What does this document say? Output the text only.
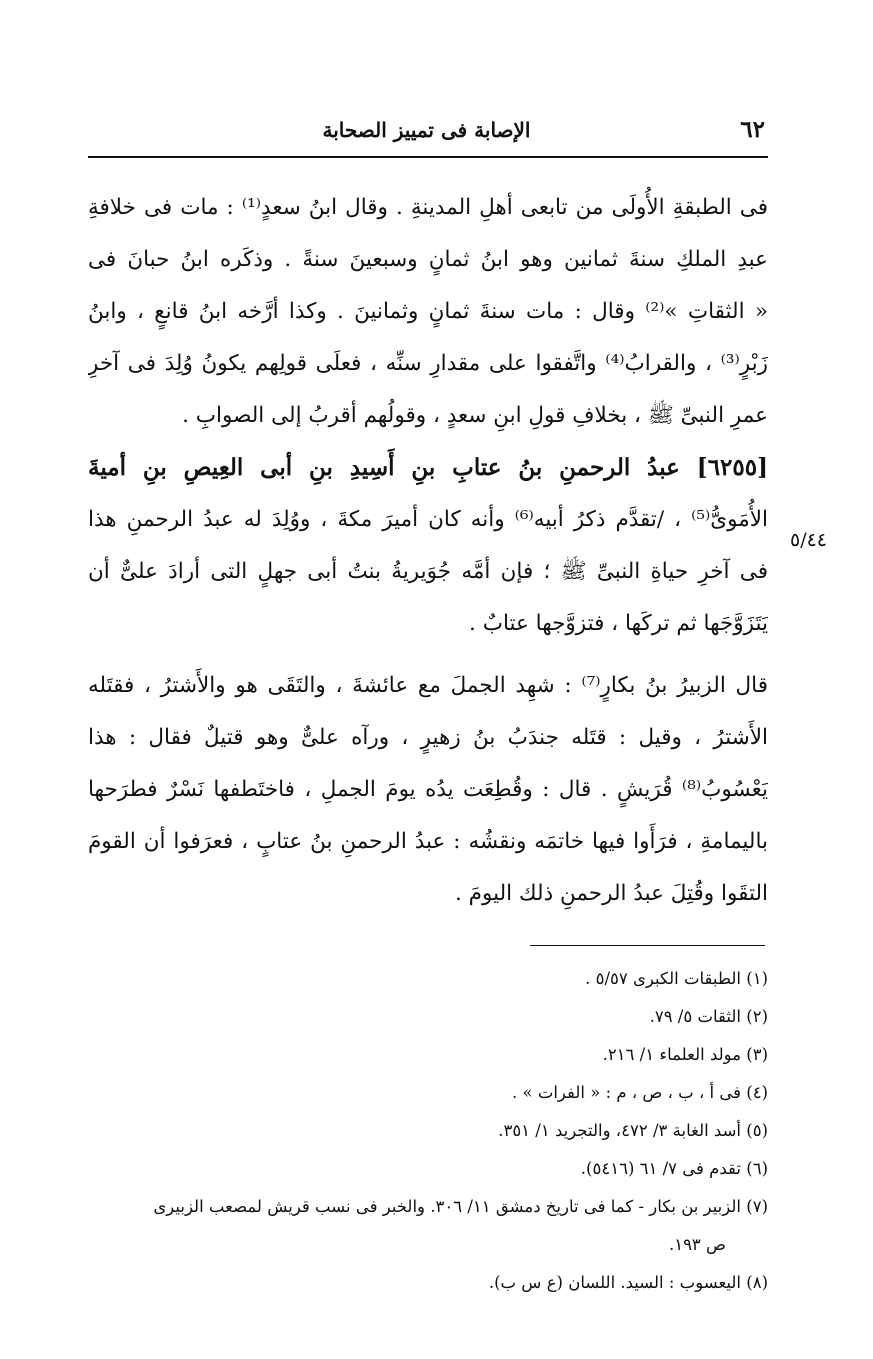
٦٢
الإصابة فى تمييز الصحابة
فى الطبقةِ الأُولَى من تابعى أهلِ المدينةِ . وقال ابنُ سعدٍ⁽¹⁾ : مات فى خلافةِ
عبدِ الملكِ سنةَ ثمانين وهو ابنُ ثمانٍ وسبعينَ سنةً . وذكَره ابنُ حبانَ فى
« الثقاتِ »⁽²⁾ وقال : مات سنةَ ثمانٍ وثمانينَ . وكذا أرَّخه ابنُ قانعٍ ، وابنُ
زَبْرٍ⁽³⁾ ، والقرابُ⁽⁴⁾ واتَّفقوا على مقدارِ سنِّه ، فعلَى قولِهم يكونُ وُلِدَ فى آخرِ
عمرِ النبىِّ ﷺ ، بخلافِ قولِ ابنِ سعدٍ ، وقولُهم أقربُ إلى الصوابِ .
[٦٢٥٥] عبدُ الرحمنِ بنُ عتابِ بنِ أَسِيدِ بنِ أبى العِيصِ بنِ أميةَ
الأُمَوىُّ⁽⁵⁾ ، /تقدَّم ذكرُ أبيه⁽⁶⁾ وأنه كان أميرَ مكةَ ، ووُلِدَ له عبدُ الرحمنِ هذا
فى آخرِ حياةِ النبىِّ ﷺ ؛ فإن أمَّه جُوَيريةُ بنتُ أبى جهلٍ التى أرادَ علىٌّ أن
يَتَزَوَّجَها ثم تركَها ، فتزوَّجها عتابٌ .
قال الزبيرُ بنُ بكارٍ⁽⁷⁾ : شهِد الجملَ مع عائشةَ ، والتَقَى هو والأَشترُ ، فقتَله
الأَشترُ ، وقيل : قتَله جندَبُ بنُ زهيرٍ ، ورآه علىٌّ وهو قتيلٌ فقال : هذا
يَعْسُوبُ⁽⁸⁾ قُرَيشٍ . قال : وقُطِعَت يدُه يومَ الجملِ ، فاختَطفها نَسْرٌ فطرَحها
باليمامةِ ، فرَأَوا فيها خاتمَه ونقشُه : عبدُ الرحمنِ بنُ عتابٍ ، فعرَفوا أن القومَ
التقَوا وقُتِلَ عبدُ الرحمنِ ذلك اليومَ .
٥/٤٤
(١) الطبقات الكبرى ٥/٥٧ .
(٢) الثقات ٥/ ٧٩.
(٣) مولد العلماء ١/ ٢١٦.
(٤) فى أ ، ب ، ص ، م : « الفرات » .
(٥) أسد الغابة ٣/ ٤٧٢، والتجريد ١/ ٣٥١.
(٦) تقدم فى ٧/ ٦١ (٥٤١٦).
(٧) الزبير بن بكار - كما فى تاريخ دمشق ١١/ ٣٠٦. والخبر فى نسب قريش لمصعب الزبيرى
ص ١٩٣.
(٨) اليعسوب : السيد. اللسان (ع س ب).
